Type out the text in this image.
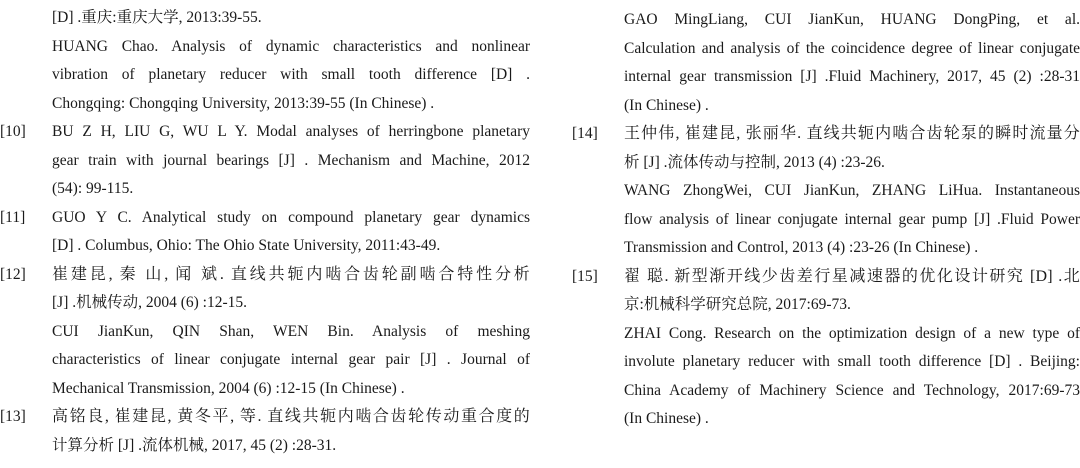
[D] .重庆:重庆大学, 2013:39-55.
HUANG Chao. Analysis of dynamic characteristics and nonlinear
vibration of planetary reducer with small tooth difference [D] .
Chongqing: Chongqing University, 2013:39-55 (In Chinese) .
[10]	BU Z H, LIU G, WU L Y. Modal analyses of herringbone planetary
gear train with journal bearings [J] . Mechanism and Machine, 2012
(54): 99-115.
[11]	GUO Y C. Analytical study on compound planetary gear dynamics
[D] . Columbus, Ohio: The Ohio State University, 2011:43-49.
[12]	崔建昆, 秦 山, 闻 斌. 直线共轭内啮合齿轮副啮合特性分析
[J] .机械传动, 2004 (6) :12-15.
CUI JianKun, QIN Shan, WEN Bin. Analysis of meshing
characteristics of linear conjugate internal gear pair [J] . Journal of
Mechanical Transmission, 2004 (6) :12-15 (In Chinese) .
[13]	高铭良, 崔建昆, 黄冬平, 等. 直线共轭内啮合齿轮传动重合度的
计算分析 [J] .流体机械, 2017, 45 (2) :28-31.
GAO MingLiang, CUI JianKun, HUANG DongPing, et al.
Calculation and analysis of the coincidence degree of linear conjugate
internal gear transmission [J] .Fluid Machinery, 2017, 45 (2) :28-31
(In Chinese) .
[14]	王仲伟, 崔建昆, 张丽华. 直线共轭内啮合齿轮泵的瞬时流量分
析 [J] .流体传动与控制, 2013 (4) :23-26.
WANG ZhongWei, CUI JianKun, ZHANG LiHua. Instantaneous
flow analysis of linear conjugate internal gear pump [J] .Fluid Power
Transmission and Control, 2013 (4) :23-26 (In Chinese) .
[15]	翟 聪. 新型渐开线少齿差行星减速器的优化设计研究 [D] .北
京:机械科学研究总院, 2017:69-73.
ZHAI Cong. Research on the optimization design of a new type of
involute planetary reducer with small tooth difference [D] . Beijing:
China Academy of Machinery Science and Technology, 2017:69-73
(In Chinese) .
